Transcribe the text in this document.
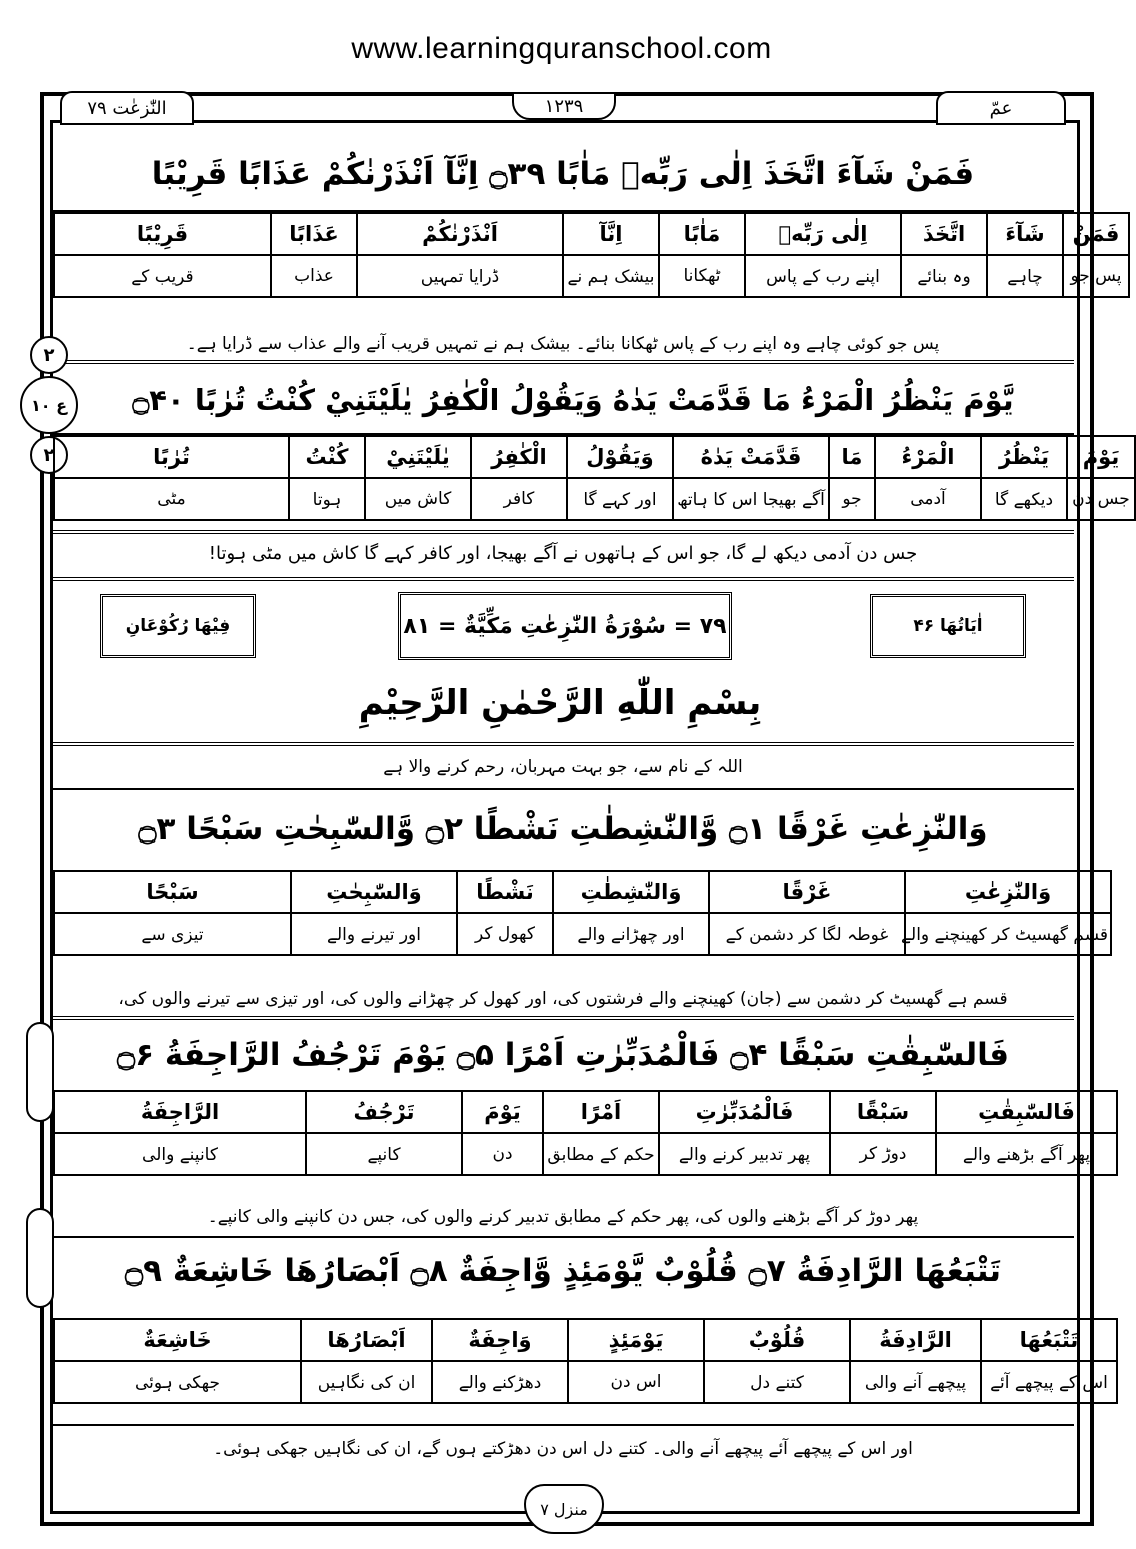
www.learningquranschool.com
النّٰزعٰت ۷۹	۱۲۳۹	عمّ
فَمَنْ شَآءَ اتَّخَذَ اِلٰى رَبِّهٖ مَاٰبًا ۝۳۹ اِنَّآ اَنْذَرْنٰكُمْ عَذَابًا قَرِيْبًا
فَمَنْ	شَآءَ	اتَّخَذَ	اِلٰى رَبِّهٖ	مَاٰبًا	اِنَّآ	اَنْذَرْنٰكُمْ	عَذَابًا	قَرِيْبًا
پس جو	چاہے	وہ بنائے	اپنے رب کے پاس	ٹھکانا	بیشک ہم نے	ڈرایا تمہیں	عذاب	قریب کے
پس جو کوئی چاہے وہ اپنے رب کے پاس ٹھکانا بنائے۔ بیشک ہم نے تمہیں قریب آنے والے عذاب سے ڈرایا ہے۔
۲
ع ۱۰
۲
يَّوْمَ يَنْظُرُ الْمَرْءُ مَا قَدَّمَتْ يَدٰهُ وَيَقُوْلُ الْكٰفِرُ يٰلَيْتَنِيْ كُنْتُ تُرٰبًا ۝۴۰
يَوْمَ	يَنْظُرُ	الْمَرْءُ	مَا	قَدَّمَتْ يَدٰهُ	وَيَقُوْلُ	الْكٰفِرُ	يٰلَيْتَنِيْ	كُنْتُ	تُرٰبًا
جس دن	دیکھے گا	آدمی	جو	آگے بھیجا اس کا ہاتھ	اور کہے گا	کافر	کاش میں	ہوتا	مٹی
جس دن آدمی دیکھ لے گا، جو اس کے ہاتھوں نے آگے بھیجا، اور کافر کہے گا کاش میں مٹی ہوتا!
فِیْهَا رُکُوْعَانِ	۷۹ = سُوْرَةُ النّٰزِعٰتِ مَكِّيَّةٌ = ۸۱	اٰیَاتُهَا ۴۶
بِسْمِ اللّٰهِ الرَّحْمٰنِ الرَّحِيْمِ
اللہ کے نام سے، جو بہت مہربان، رحم کرنے والا ہے
وَالنّٰزِعٰتِ غَرْقًا ۝۱ وَّالنّٰشِطٰتِ نَشْطًا ۝۲ وَّالسّٰبِحٰتِ سَبْحًا ۝۳
وَالنّٰزِعٰتِ	غَرْقًا	وَالنّٰشِطٰتِ	نَشْطًا	وَالسّٰبِحٰتِ	سَبْحًا
قسم گھسیٹ کر کھینچنے والے	غوطہ لگا کر دشمن کے	اور چھڑانے والے	کھول کر	اور تیرنے والے	تیزی سے
قسم ہے گھسیٹ کر دشمن سے (جان) کھینچنے والے فرشتوں کی، اور کھول کر چھڑانے والوں کی، اور تیزی سے تیرنے والوں کی،
فَالسّٰبِقٰتِ سَبْقًا ۝۴ فَالْمُدَبِّرٰتِ اَمْرًا ۝۵ يَوْمَ تَرْجُفُ الرَّاجِفَةُ ۝۶
فَالسّٰبِقٰتِ	سَبْقًا	فَالْمُدَبِّرٰتِ	اَمْرًا	يَوْمَ	تَرْجُفُ	الرَّاجِفَةُ
پھر آگے بڑھنے والے	دوڑ کر	پھر تدبیر کرنے والے	حکم کے مطابق	دن	کانپے	کانپنے والی
پھر دوڑ کر آگے بڑھنے والوں کی، پھر حکم کے مطابق تدبیر کرنے والوں کی، جس دن کانپنے والی کانپے۔
تَتْبَعُهَا الرَّادِفَةُ ۝۷ قُلُوْبٌ يَّوْمَئِذٍ وَّاجِفَةٌ ۝۸ اَبْصَارُهَا خَاشِعَةٌ ۝۹
تَتْبَعُهَا	الرَّادِفَةُ	قُلُوْبٌ	يَوْمَئِذٍ	وَاجِفَةٌ	اَبْصَارُهَا	خَاشِعَةٌ
اس کے پیچھے آئے	پیچھے آنے والی	کتنے دل	اس دن	دھڑکنے والے	ان کی نگاہیں	جھکی ہوئی
اور اس کے پیچھے آئے پیچھے آنے والی۔ کتنے دل اس دن دھڑکتے ہوں گے، ان کی نگاہیں جھکی ہوئی۔
منزل ۷
